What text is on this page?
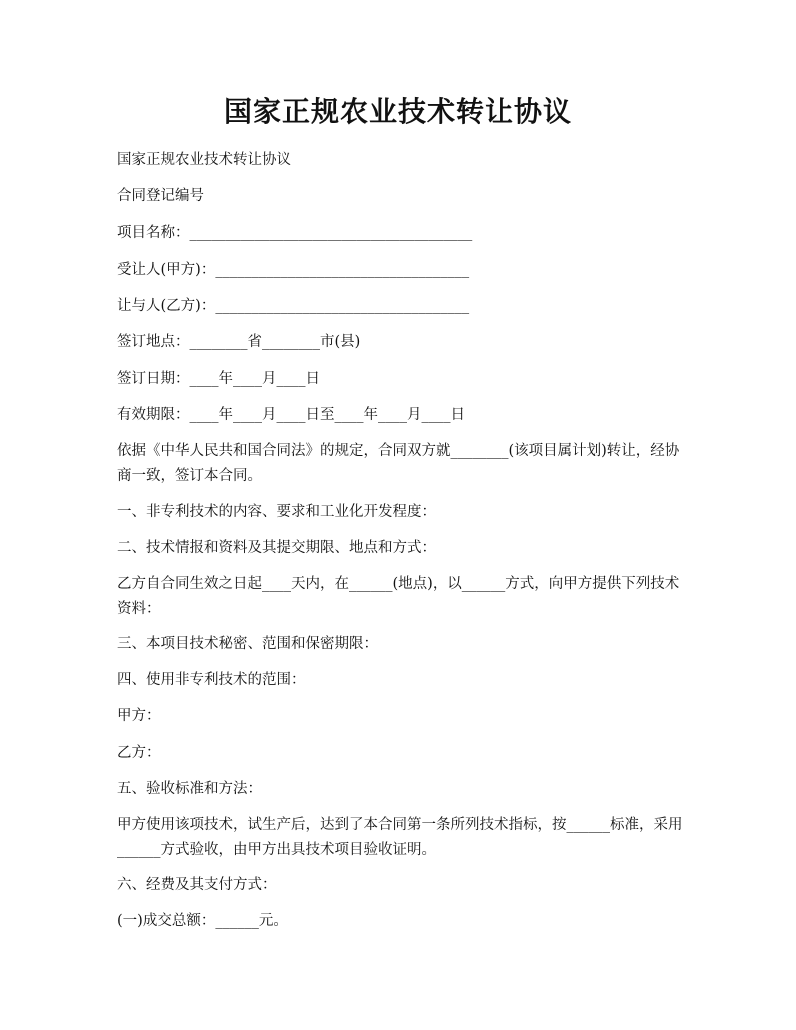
国家正规农业技术转让协议

国家正规农业技术转让协议

合同登记编号

项目名称：_______________________________________

受让人(甲方)：___________________________________

让与人(乙方)：___________________________________

签订地点：________省________市(县)

签订日期：____年____月____日

有效期限：____年____月____日至____年____月____日

依据《中华人民共和国合同法》的规定，合同双方就________(该项目属计划)转让，经协商一致，签订本合同。

一、非专利技术的内容、要求和工业化开发程度：

二、技术情报和资料及其提交期限、地点和方式：

乙方自合同生效之日起____天内，在______(地点)，以______方式，向甲方提供下列技术资料：

三、本项目技术秘密、范围和保密期限：

四、使用非专利技术的范围：

甲方：

乙方：

五、验收标准和方法：

甲方使用该项技术，试生产后，达到了本合同第一条所列技术指标，按______标准，采用______方式验收，由甲方出具技术项目验收证明。

六、经费及其支付方式：

(一)成交总额：______元。
